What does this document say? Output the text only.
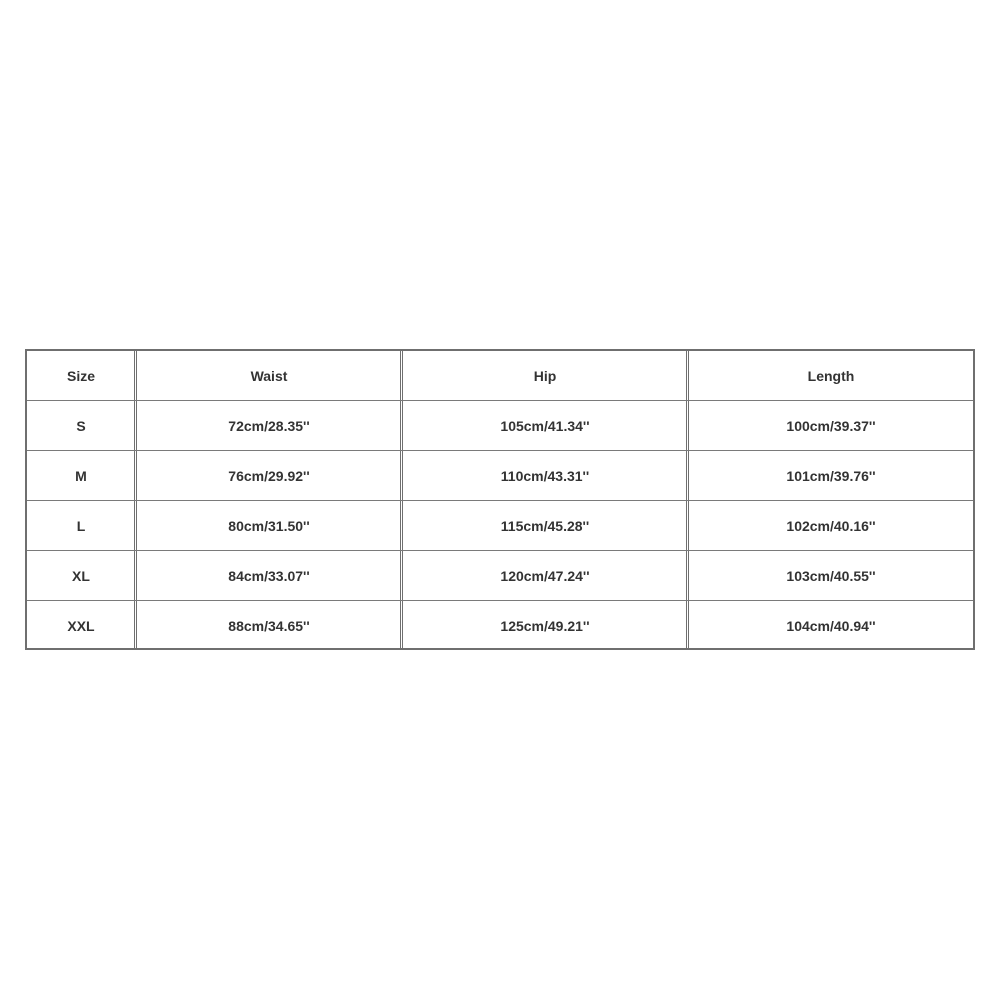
Size	Waist	Hip	Length
S	72cm/28.35''	105cm/41.34''	100cm/39.37''
M	76cm/29.92''	110cm/43.31''	101cm/39.76''
L	80cm/31.50''	115cm/45.28''	102cm/40.16''
XL	84cm/33.07''	120cm/47.24''	103cm/40.55''
XXL	88cm/34.65''	125cm/49.21''	104cm/40.94''
